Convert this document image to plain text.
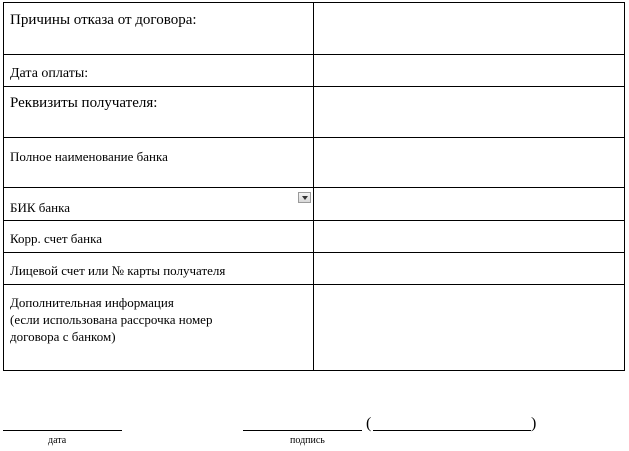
Причины отказа от договора:	
Дата оплаты:	
Реквизиты получателя:	
Полное наименование банка	
БИК банка

Корр. счет банка	
Лицевой счет или № карты получателя	

Дополнительная информация
(если использована рассрочка номер
договора с банком)	

дата	подпись
(	)
